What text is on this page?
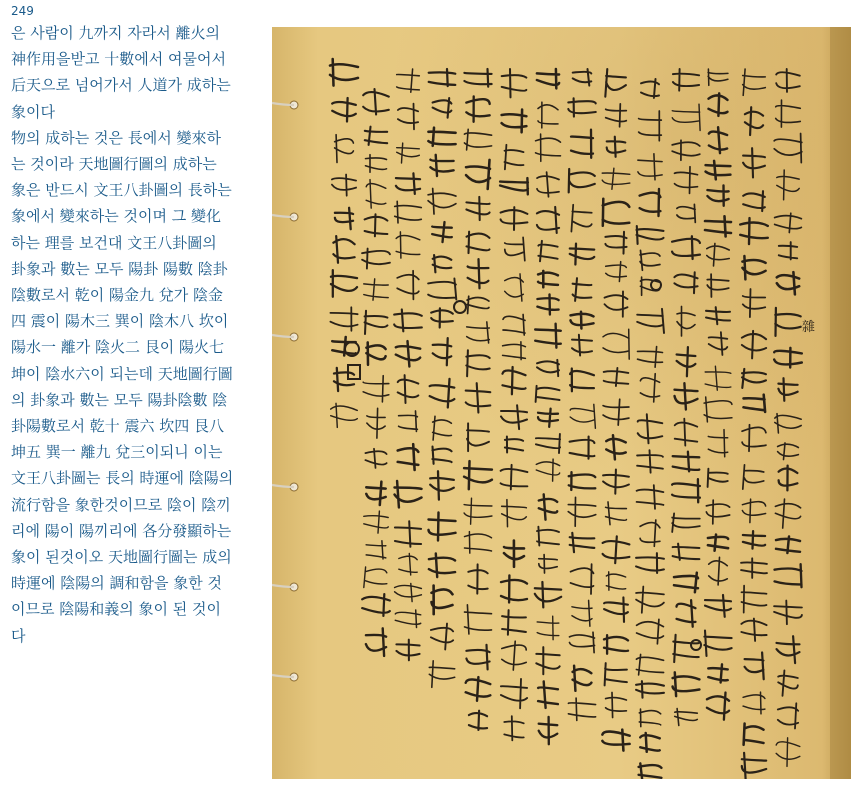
249
은 사람이 九까지 자라서 離火의
神作用을받고 十數에서 여물어서
后天으로 넘어가서 人道가 成하는
象이다
物의 成하는 것은 長에서 變來하
는 것이라 天地圖行圖의 成하는
象은 반드시 文王八卦圖의 長하는
象에서 變來하는 것이며 그 變化
하는 理를 보건대 文王八卦圖의
卦象과 數는 모두 陽卦 陽數 陰卦
陰數로서 乾이 陽金九 兌가 陰金
四 震이 陽木三 巽이 陰木八 坎이
陽水一 離가 陰火二 艮이 陽火七
坤이 陰水六이 되는데 天地圖行圖
의 卦象과 數는 모두 陽卦陰數 陰
卦陽數로서 乾十 震六 坎四 艮八
坤五 巽一 離九 兌三이되니 이는
文王八卦圖는 長의 時運에 陰陽의
流行함을 象한것이므로 陰이 陰끼
리에 陽이 陽끼리에 各分發顯하는
象이 된것이오 天地圖行圖는 成의
時運에 陰陽의 調和함을 象한 것
이므로 陰陽和義의 象이 된 것이
다
雜
